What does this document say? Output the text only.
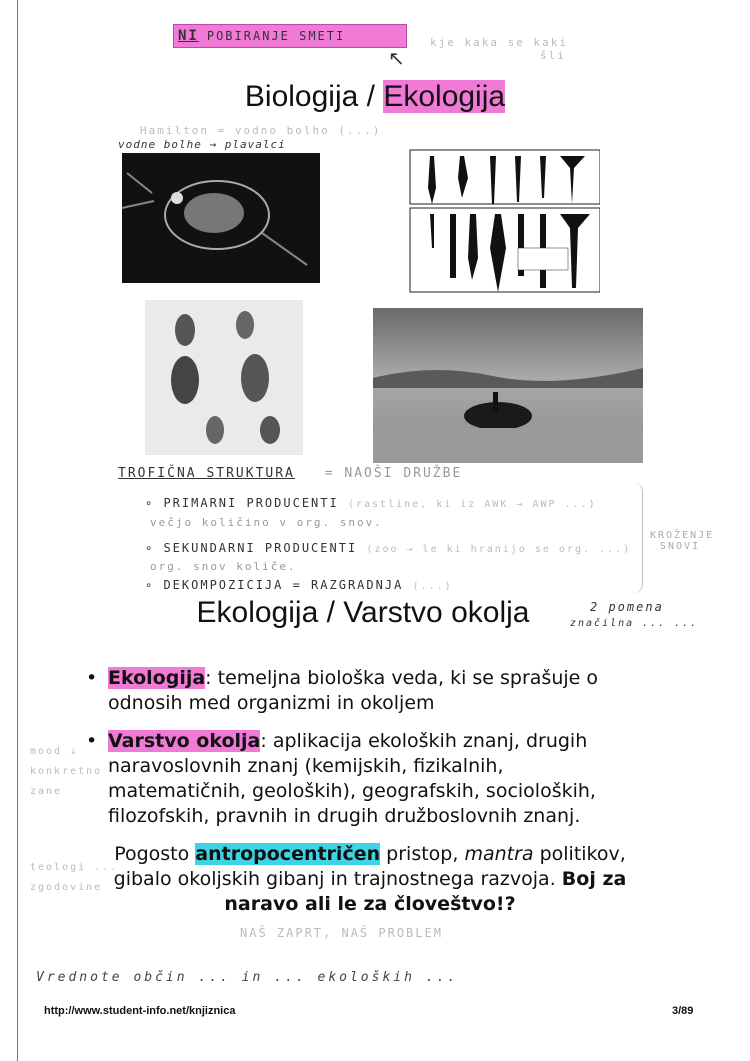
NI POBIRANJE SMETI
↖
kje kaka se kaki
šli
Biologija / Ekologija
Hamilton = vodno bolho (...)
vodne bolhe → plavalci
TROFIČNA STRUKTURA = NAOŠI DRUŽBE
∘ PRIMARNI PRODUCENTI (rastline, ki iz AWK → AWP ...)
večjo količino v org. snov.
∘ SEKUNDARNI PRODUCENTI (zoo → le ki hranijo se org. ...)
org. snov količe.
∘ DEKOMPOZICIJA = RAZGRADNJA (...)
KROŽENJE
SNOVI
Ekologija / Varstvo okolja	2 pomena
značilna ... ...
• Ekologija: temeljna biološka veda, ki se sprašuje o
odnosih med organizmi in okoljem
• Varstvo okolja: aplikacija ekoloških znanj, drugih
naravoslovnih znanj (kemijskih, fizikalnih,
matematičnih, geoloških), geografskih, socioloških,
filozofskih, pravnih in drugih družboslovnih znanj.
Pogosto antropocentričen pristop, mantra politikov,
gibalo okoljskih gibanj in trajnostnega razvoja. Boj za
naravo ali le za človeštvo!?
NAŠ ZAPRT, NAŠ PROBLEM
mood ↓
konkretno
zane
teologi ...
zgodovine
Vrednote občin ... in ... ekoloških ...
http://www.student-info.net/knjiznica	3/89
